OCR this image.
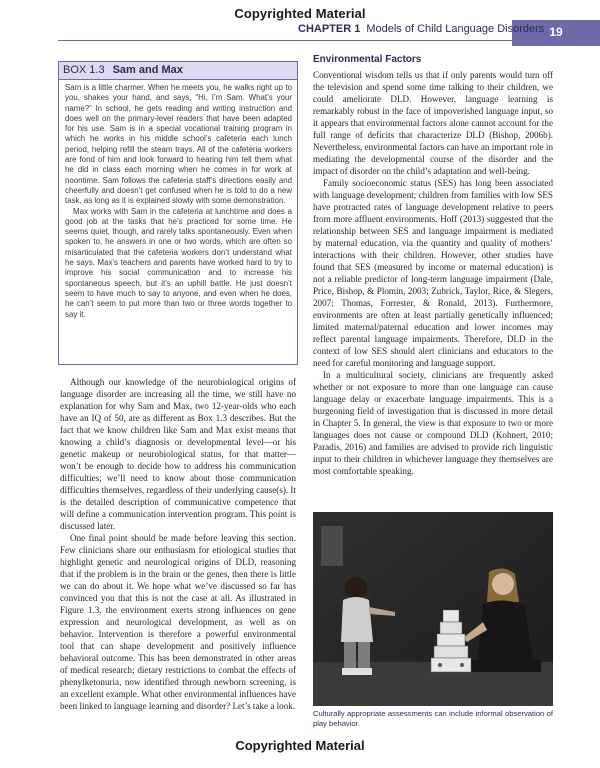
Copyrighted Material
CHAPTER 1 Models of Child Language Disorders 19
BOX 1.3 Sam and Max

Sam is a little charmer. When he meets you, he walks right up to you, shakes your hand, and says, “Hi, I’m Sam. What’s your name?” In school, he gets reading and writing instruction and does well on the primary-level readers that have been adapted for his use. Sam is in a special vocational training program in which he works in his middle school’s cafeteria each lunch period, helping refill the steam trays. All of the cafeteria workers are fond of him and look forward to hearing him tell them what he did in class each morning when he comes in for work at noontime. Sam follows the cafeteria staff’s directions easily and cheerfully and doesn’t get confused when he is told to do a new task, as long as it is explained slowly with some demonstration.

Max works with Sam in the cafeteria at lunchtime and does a good job at the tasks that he’s practiced for some time. He seems quiet, though, and rarely talks spontaneously. Even when spoken to, he answers in one or two words, which are often so misarticulated that the cafeteria workers don’t understand what he says. Max’s teachers and parents have worked hard to try to improve his social communication and to increase his spontaneous speech, but it’s an uphill battle. He just doesn’t seem to have much to say to anyone, and even when he does, he can’t seem to put more than two or three words together to say it.

Although our knowledge of the neurobiological origins of language disorder are increasing all the time, we still have no explanation for why Sam and Max, two 12-year-olds who each have an IQ of 50, are as different as Box 1.3 describes. But the fact that we know children like Sam and Max exist means that knowing a child’s diagnosis or developmental level—or his genetic makeup or neurobiological status, for that matter—won’t be enough to decide how to address his communication difficulties; we’ll need to know about those communication difficulties themselves, regardless of their underlying cause(s). It is the detailed description of communicative competence that will define a communication intervention program. This point is discussed later.

One final point should be made before leaving this section. Few clinicians share our enthusiasm for etiological studies that highlight genetic and neurological origins of DLD, reasoning that if the problem is in the brain or the genes, then there is little we can do about it. We hope what we’ve discussed so far has convinced you that this is not the case at all. As illustrated in Figure 1.3, the environment exerts strong influences on gene expression and neurological development, as well as on behavior. Intervention is therefore a powerful environmental tool that can shape development and positively influence behavioral outcome. This has been demonstrated in other areas of medical research; dietary restrictions to combat the effects of phenylketonuria, now identified through newborn screening, is an excellent example. What other environmental influences have been linked to language learning and disorder? Let’s take a look.

Environmental Factors

Conventional wisdom tells us that if only parents would turn off the television and spend some time talking to their children, we could ameliorate DLD. However, language learning is remarkably robust in the face of impoverished language input, so it appears that environmental factors alone cannot account for the full range of deficits that characterize DLD (Bishop, 2006b). Nevertheless, environmental factors can have an important role in mediating the developmental course of the disorder and the impact of disorder on the child’s adaptation and well-being.

Family socioeconomic status (SES) has long been associated with language development; children from families with low SES have protracted rates of language development relative to peers from more affluent environments. Hoff (2013) suggested that the relationship between SES and language impairment is mediated by maternal education, via the quantity and quality of mothers’ interactions with their children. However, other studies have found that SES (measured by income or maternal education) is not a reliable predictor of long-term language impairment (Dale, Price, Bishop, & Plomin, 2003; Zubrick, Taylor, Rice, & Slegers, 2007; Thomas, Forrester, & Ronald, 2013). Furthermore, environments are often at least partially genetically influenced; limited maternal/paternal education and lower incomes may reflect parental language impairments. Therefore, DLD in the context of low SES should alert clinicians and educators to the need for careful monitoring and language support.

In a multicultural society, clinicians are frequently asked whether or not exposure to more than one language can cause language delay or exacerbate language impairments. This is a burgeoning field of investigation that is discussed in more detail in Chapter 5. In general, the view is that exposure to two or more languages does not cause or compound DLD (Kohnert, 2010; Paradis, 2016) and families are advised to provide rich linguistic input to their children in whichever language they themselves are most comfortable speaking.

Culturally appropriate assessments can include informal observation of play behavior.
Copyrighted Material
